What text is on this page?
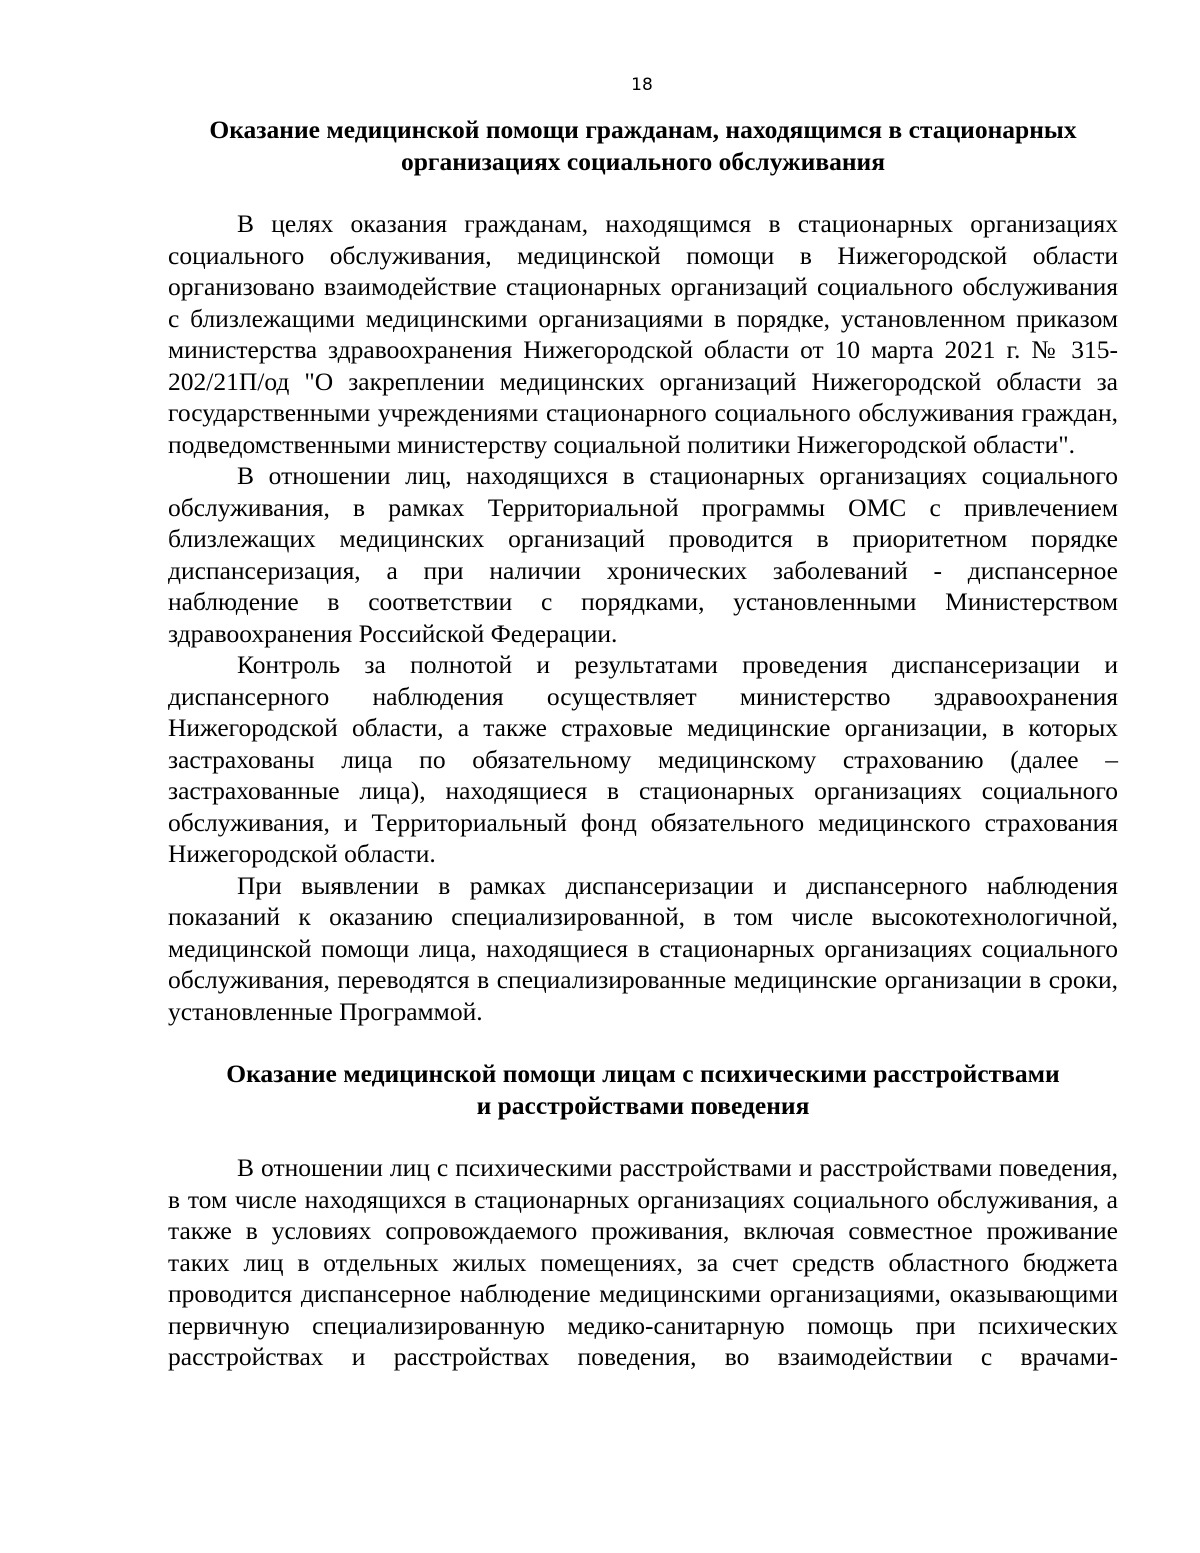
18
Оказание медицинской помощи гражданам, находящимся в стационарных
организациях социального обслуживания

В целях оказания гражданам, находящимся в стационарных организациях социального обслуживания, медицинской помощи в Нижегородской области организовано взаимодействие стационарных организаций социального обслуживания с близлежащими медицинскими организациями в порядке, установленном приказом министерства здравоохранения Нижегородской области от 10 марта 2021 г. № 315-202/21П/од "О закреплении медицинских организаций Нижегородской области за государственными учреждениями стационарного социального обслуживания граждан, подведомственными министерству социальной политики Нижегородской области".

В отношении лиц, находящихся в стационарных организациях социального обслуживания, в рамках Территориальной программы ОМС с привлечением близлежащих медицинских организаций проводится в приоритетном порядке диспансеризация, а при наличии хронических заболеваний - диспансерное наблюдение в соответствии с порядками, установленными Министерством здравоохранения Российской Федерации.

Контроль за полнотой и результатами проведения диспансеризации и диспансерного наблюдения осуществляет министерство здравоохранения Нижегородской области, а также страховые медицинские организации, в которых застрахованы лица по обязательному медицинскому страхованию (далее – застрахованные лица), находящиеся в стационарных организациях социального обслуживания, и Территориальный фонд обязательного медицинского страхования Нижегородской области.

При выявлении в рамках диспансеризации и диспансерного наблюдения показаний к оказанию специализированной, в том числе высокотехнологичной, медицинской помощи лица, находящиеся в стационарных организациях социального обслуживания, переводятся в специализированные медицинские организации в сроки, установленные Программой.

Оказание медицинской помощи лицам с психическими расстройствами
и расстройствами поведения

В отношении лиц с психическими расстройствами и расстройствами поведения, в том числе находящихся в стационарных организациях социального обслуживания, а также в условиях сопровождаемого проживания, включая совместное проживание таких лиц в отдельных жилых помещениях, за счет средств областного бюджета проводится диспансерное наблюдение медицинскими организациями, оказывающими первичную специализированную медико-санитарную помощь при психических расстройствах и расстройствах поведения, во взаимодействии с врачами-
